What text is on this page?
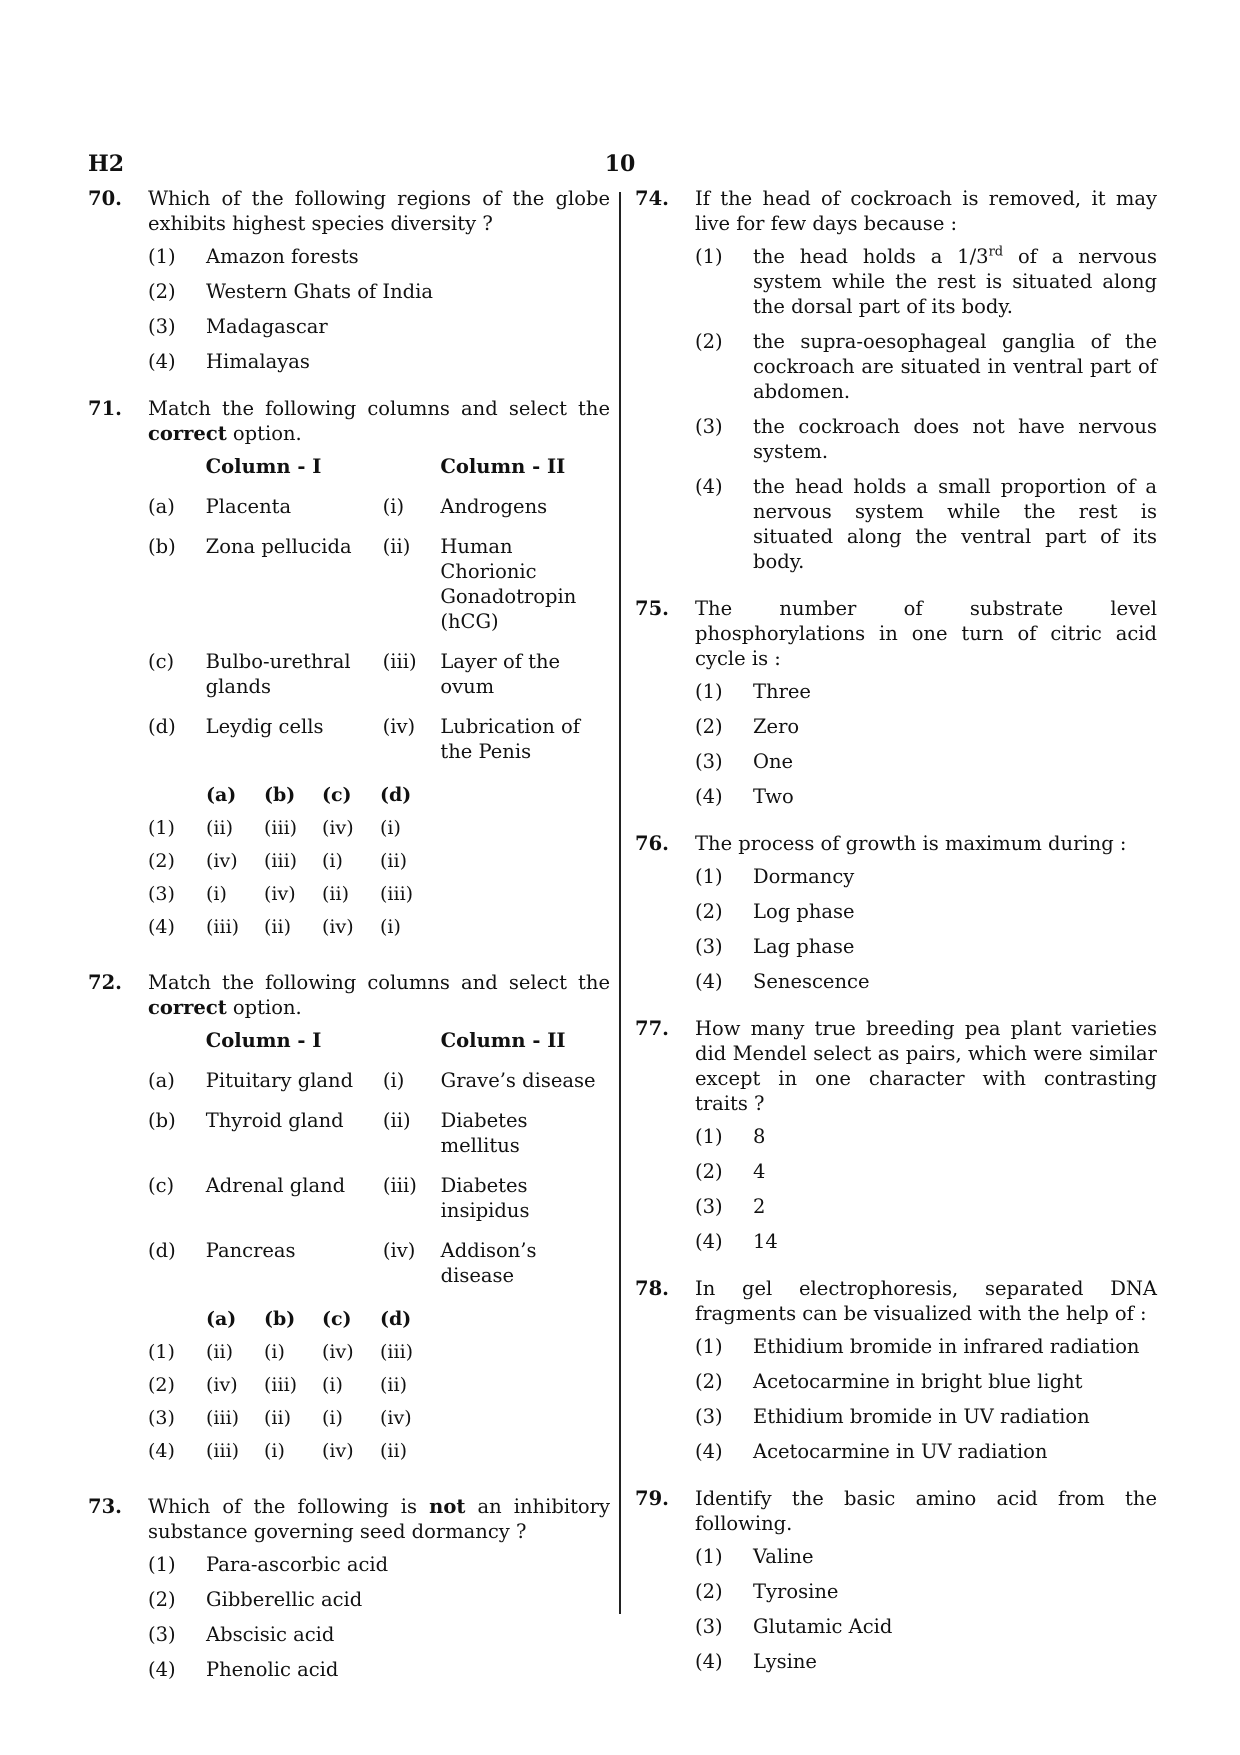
H2	10
70. Which of the following regions of the globe exhibits highest species diversity ?
(1) Amazon forests
(2) Western Ghats of India
(3) Madagascar
(4) Himalayas
71. Match the following columns and select the correct option.
	Column - I		Column - II
(a)	Placenta	(i)	Androgens
(b)	Zona pellucida	(ii)	Human Chorionic Gonadotropin (hCG)
(c)	Bulbo-urethral glands	(iii)	Layer of the ovum
(d)	Leydig cells	(iv)	Lubrication of the Penis
	(a)	(b)	(c)	(d)
(1)	(ii)	(iii)	(iv)	(i)
(2)	(iv)	(iii)	(i)	(ii)
(3)	(i)	(iv)	(ii)	(iii)
(4)	(iii)	(ii)	(iv)	(i)
72. Match the following columns and select the correct option.
	Column - I		Column - II
(a)	Pituitary gland	(i)	Grave’s disease
(b)	Thyroid gland	(ii)	Diabetes mellitus
(c)	Adrenal gland	(iii)	Diabetes insipidus
(d)	Pancreas	(iv)	Addison’s disease
	(a)	(b)	(c)	(d)
(1)	(ii)	(i)	(iv)	(iii)
(2)	(iv)	(iii)	(i)	(ii)
(3)	(iii)	(ii)	(i)	(iv)
(4)	(iii)	(i)	(iv)	(ii)
73. Which of the following is not an inhibitory substance governing seed dormancy ?
(1) Para-ascorbic acid
(2) Gibberellic acid
(3) Abscisic acid
(4) Phenolic acid
74. If the head of cockroach is removed, it may live for few days because :
(1) the head holds a 1/3rd of a nervous system while the rest is situated along the dorsal part of its body.
(2) the supra-oesophageal ganglia of the cockroach are situated in ventral part of abdomen.
(3) the cockroach does not have nervous system.
(4) the head holds a small proportion of a nervous system while the rest is situated along the ventral part of its body.
75. The number of substrate level phosphorylations in one turn of citric acid cycle is :
(1) Three
(2) Zero
(3) One
(4) Two
76. The process of growth is maximum during :
(1) Dormancy
(2) Log phase
(3) Lag phase
(4) Senescence
77. How many true breeding pea plant varieties did Mendel select as pairs, which were similar except in one character with contrasting traits ?
(1) 8
(2) 4
(3) 2
(4) 14
78. In gel electrophoresis, separated DNA fragments can be visualized with the help of :
(1) Ethidium bromide in infrared radiation
(2) Acetocarmine in bright blue light
(3) Ethidium bromide in UV radiation
(4) Acetocarmine in UV radiation
79. Identify the basic amino acid from the following.
(1) Valine
(2) Tyrosine
(3) Glutamic Acid
(4) Lysine
